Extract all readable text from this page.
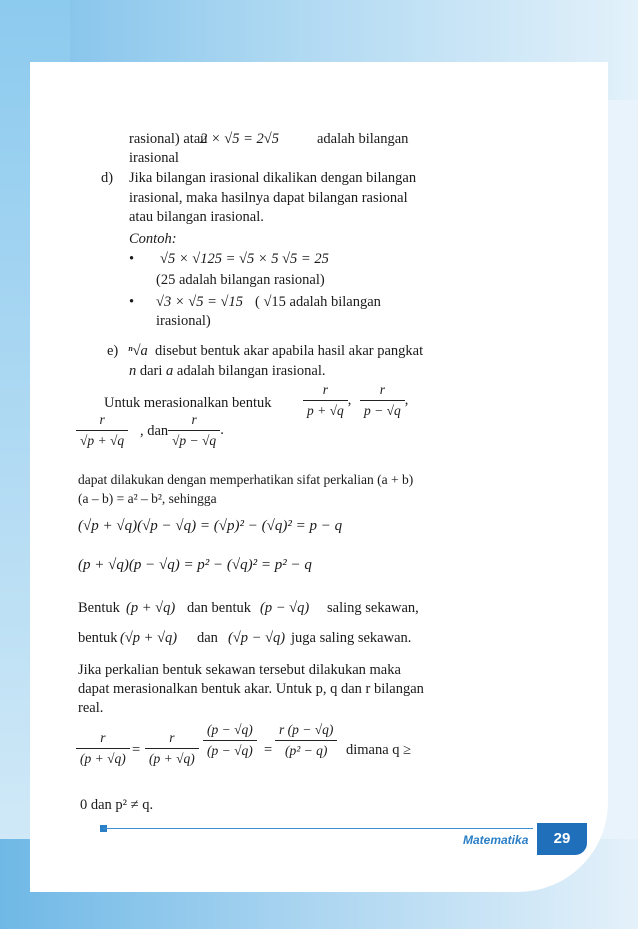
rasional) atau
2 × √5 = 2√5	adalah bilangan
irasional
d) Jika bilangan irasional dikalikan dengan bilangan
irasional, maka hasilnya dapat bilangan rasional
atau bilangan irasional.
Contoh:
• √5 × √125 = √5 × 5 √5 = 25
(25 adalah bilangan rasional)
• √3 × √5 = √15 ( √15 adalah bilangan
irasional)
e) ⁿ√a disebut bentuk akar apabila hasil akar pangkat
n dari a adalah bilangan irasional.
Untuk merasionalkan bentuk $\frac{r}{p + √q}$ , $\frac{r}{p - √q}$ ,
$\frac{r}{√p + √q}$ , dan $\frac{r}{√p - √q}$ .
dapat dilakukan dengan memperhatikan sifat perkalian (a + b)
(a – b) = a² – b², sehingga
(√p + √q)(√p − √q) = (√p)² − (√q)² = p − q
(p + √q)(p − √q) = p² − (√q)² = p² − q
Bentuk (p + √q) dan bentuk (p − √q) saling sekawan,
bentuk (√p + √q) dan (√p − √q) juga saling sekawan.
Jika perkalian bentuk sekawan tersebut dilakukan maka
dapat merasionalkan bentuk akar. Untuk p, q dan r bilangan
real.
$\frac{r}{(p + √q)} = \frac{r}{(p + √q)} \frac{(p - √q)}{(p - √q)} = \frac{r (p - √q)}{\text{(p² − q)}}$ dimana q ≥
0 dan p² ≠ q.
Matematika	29
